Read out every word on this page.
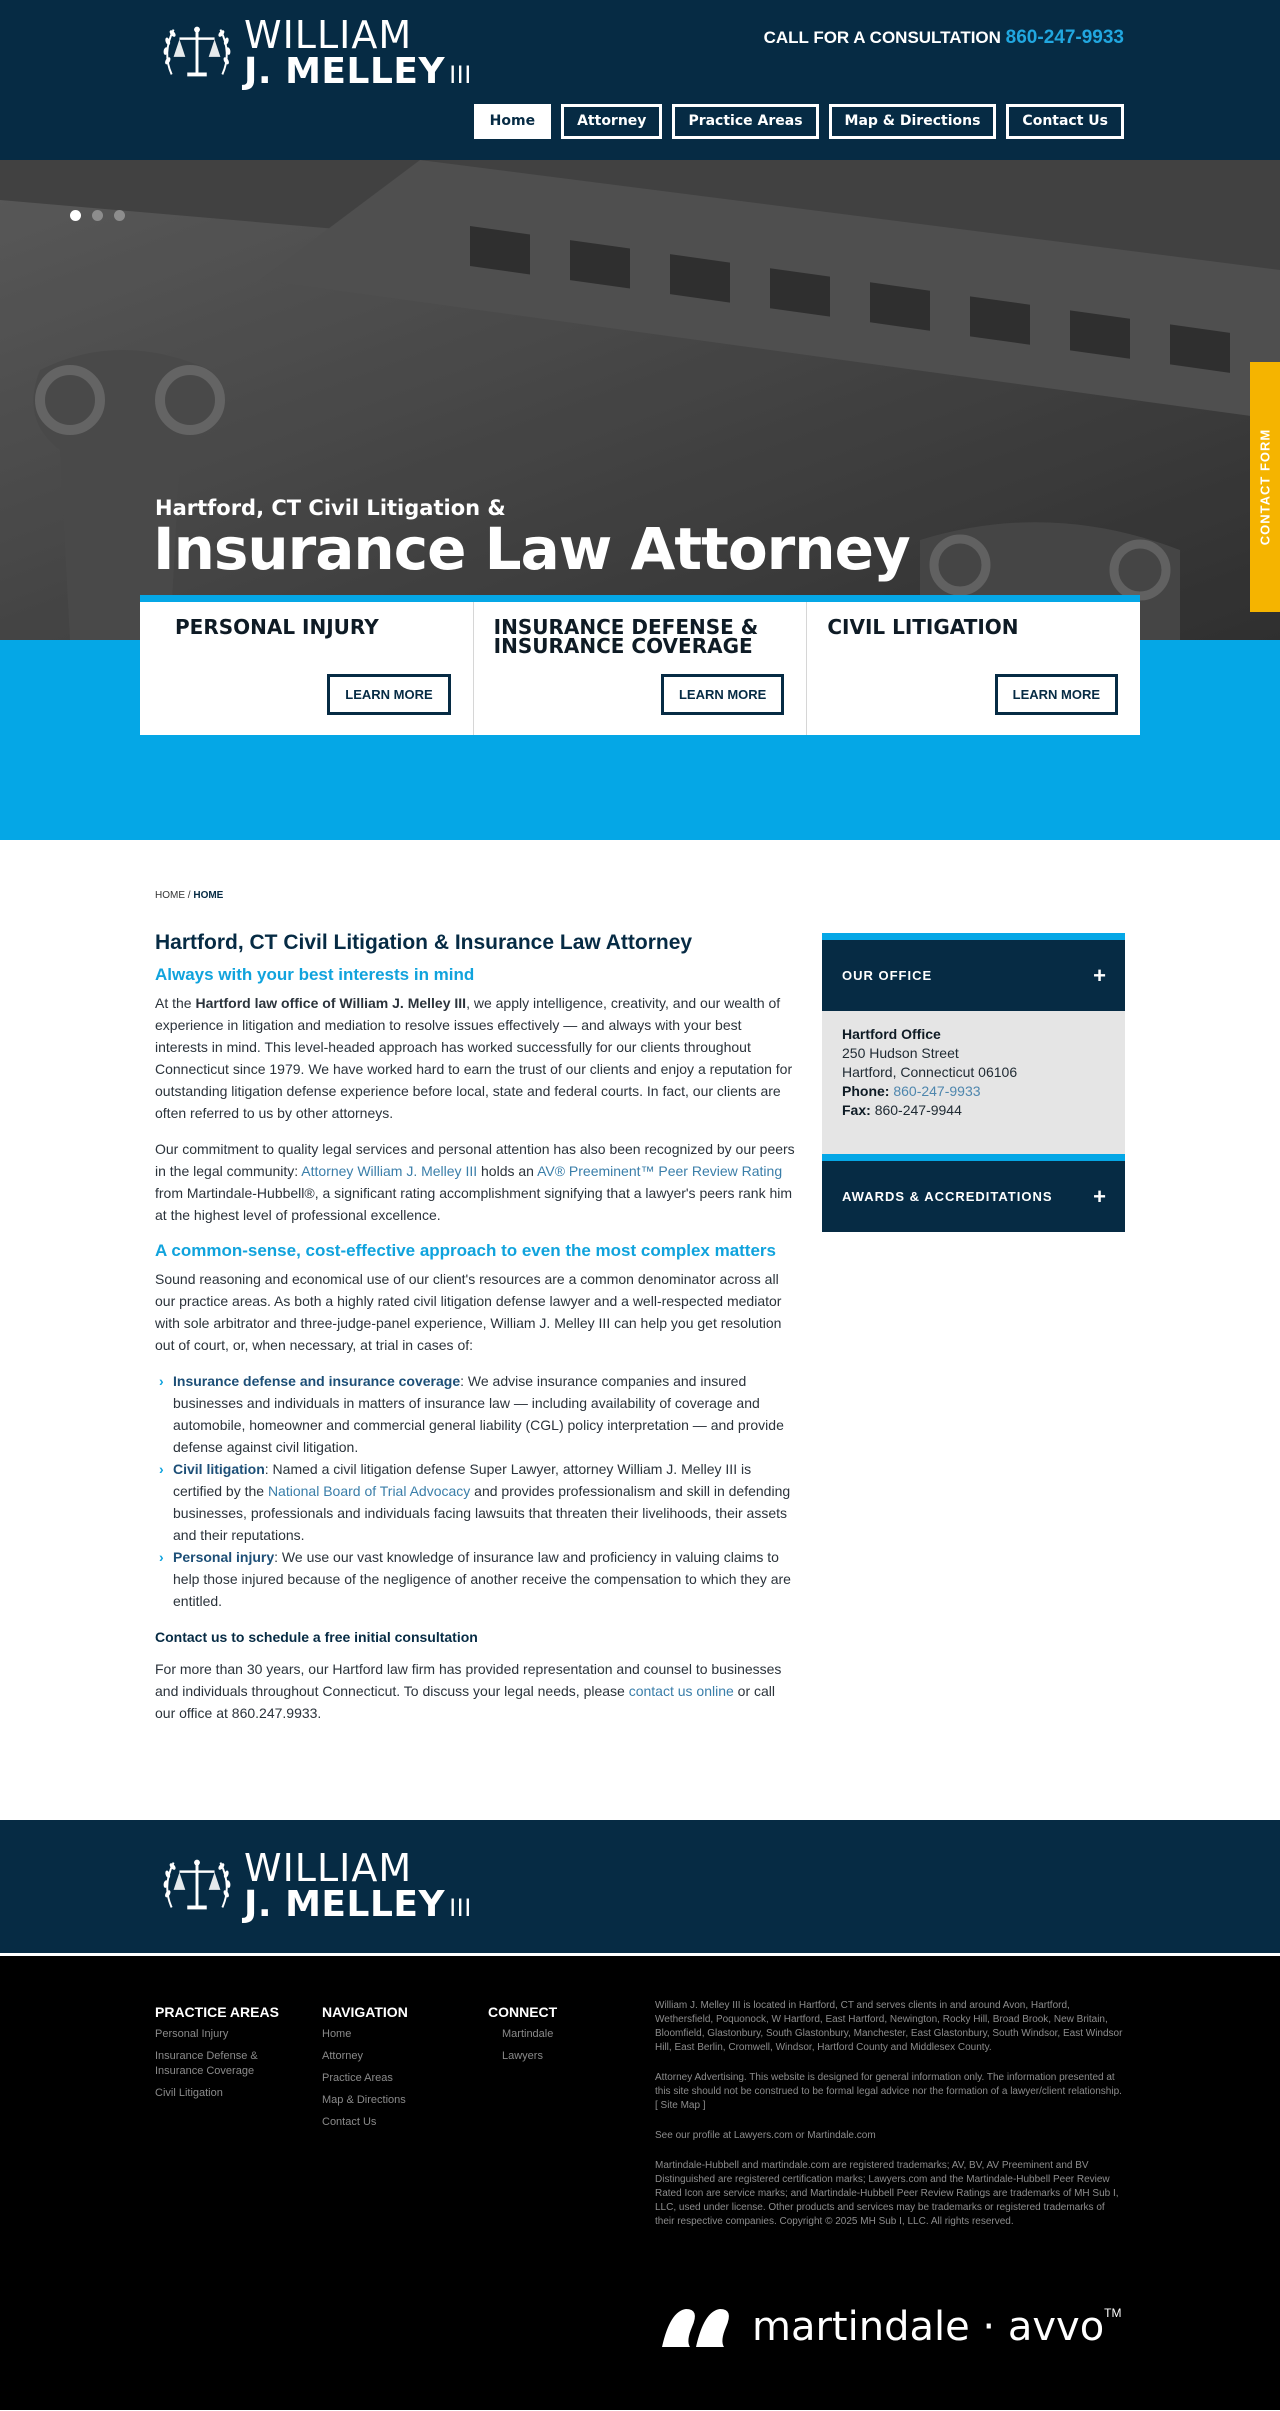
WILLIAM
J. MELLEY III
CALL FOR A CONSULTATION 860-247-9933
Home	Attorney	Practice Areas	Map & Directions	Contact Us
Hartford, CT Civil Litigation &
Insurance Law Attorney
CONTACT FORM
PERSONAL INJURY
LEARN MORE
INSURANCE DEFENSE & INSURANCE COVERAGE
LEARN MORE
CIVIL LITIGATION
LEARN MORE
HOME / HOME
Hartford, CT Civil Litigation & Insurance Law Attorney
Always with your best interests in mind

At the Hartford law office of William J. Melley III, we apply intelligence, creativity, and our wealth of experience in litigation and mediation to resolve issues effectively — and always with your best interests in mind. This level-headed approach has worked successfully for our clients throughout Connecticut since 1979. We have worked hard to earn the trust of our clients and enjoy a reputation for outstanding litigation defense experience before local, state and federal courts. In fact, our clients are often referred to us by other attorneys.

Our commitment to quality legal services and personal attention has also been recognized by our peers in the legal community: Attorney William J. Melley III holds an AV® Preeminent™ Peer Review Rating from Martindale-Hubbell®, a significant rating accomplishment signifying that a lawyer's peers rank him at the highest level of professional excellence.

A common-sense, cost-effective approach to even the most complex matters

Sound reasoning and economical use of our client's resources are a common denominator across all our practice areas. As both a highly rated civil litigation defense lawyer and a well-respected mediator with sole arbitrator and three-judge-panel experience, William J. Melley III can help you get resolution out of court, or, when necessary, at trial in cases of:

› Insurance defense and insurance coverage: We advise insurance companies and insured businesses and individuals in matters of insurance law — including availability of coverage and automobile, homeowner and commercial general liability (CGL) policy interpretation — and provide defense against civil litigation.
› Civil litigation: Named a civil litigation defense Super Lawyer, attorney William J. Melley III is certified by the National Board of Trial Advocacy and provides professionalism and skill in defending businesses, professionals and individuals facing lawsuits that threaten their livelihoods, their assets and their reputations.
› Personal injury: We use our vast knowledge of insurance law and proficiency in valuing claims to help those injured because of the negligence of another receive the compensation to which they are entitled.
Contact us to schedule a free initial consultation

For more than 30 years, our Hartford law firm has provided representation and counsel to businesses and individuals throughout Connecticut. To discuss your legal needs, please contact us online or call our office at 860.247.9933.

OUR OFFICE	+
Hartford Office
250 Hudson Street
Hartford, Connecticut 06106
Phone: 860-247-9933
Fax: 860-247-9944
AWARDS & ACCREDITATIONS +
WILLIAM
J. MELLEY III
PRACTICE AREAS
Personal Injury
Insurance Defense & Insurance Coverage
Civil Litigation
NAVIGATION
Home
Attorney
Practice Areas
Map & Directions
Contact Us
CONNECT
Martindale
Lawyers

William J. Melley III is located in Hartford, CT and serves clients in and around Avon, Hartford, Wethersfield, Poquonock, W Hartford, East Hartford, Newington, Rocky Hill, Broad Brook, New Britain, Bloomfield, Glastonbury, South Glastonbury, Manchester, East Glastonbury, South Windsor, East Windsor Hill, East Berlin, Cromwell, Windsor, Hartford County and Middlesex County.

Attorney Advertising. This website is designed for general information only. The information presented at this site should not be construed to be formal legal advice nor the formation of a lawyer/client relationship. [ Site Map ]

See our profile at Lawyers.com or Martindale.com

Martindale-Hubbell and martindale.com are registered trademarks; AV, BV, AV Preeminent and BV Distinguished are registered certification marks; Lawyers.com and the Martindale-Hubbell Peer Review Rated Icon are service marks; and Martindale-Hubbell Peer Review Ratings are trademarks of MH Sub I, LLC, used under license. Other products and services may be trademarks or registered trademarks of their respective companies. Copyright © 2025 MH Sub I, LLC. All rights reserved.

martindale · avvo TM
